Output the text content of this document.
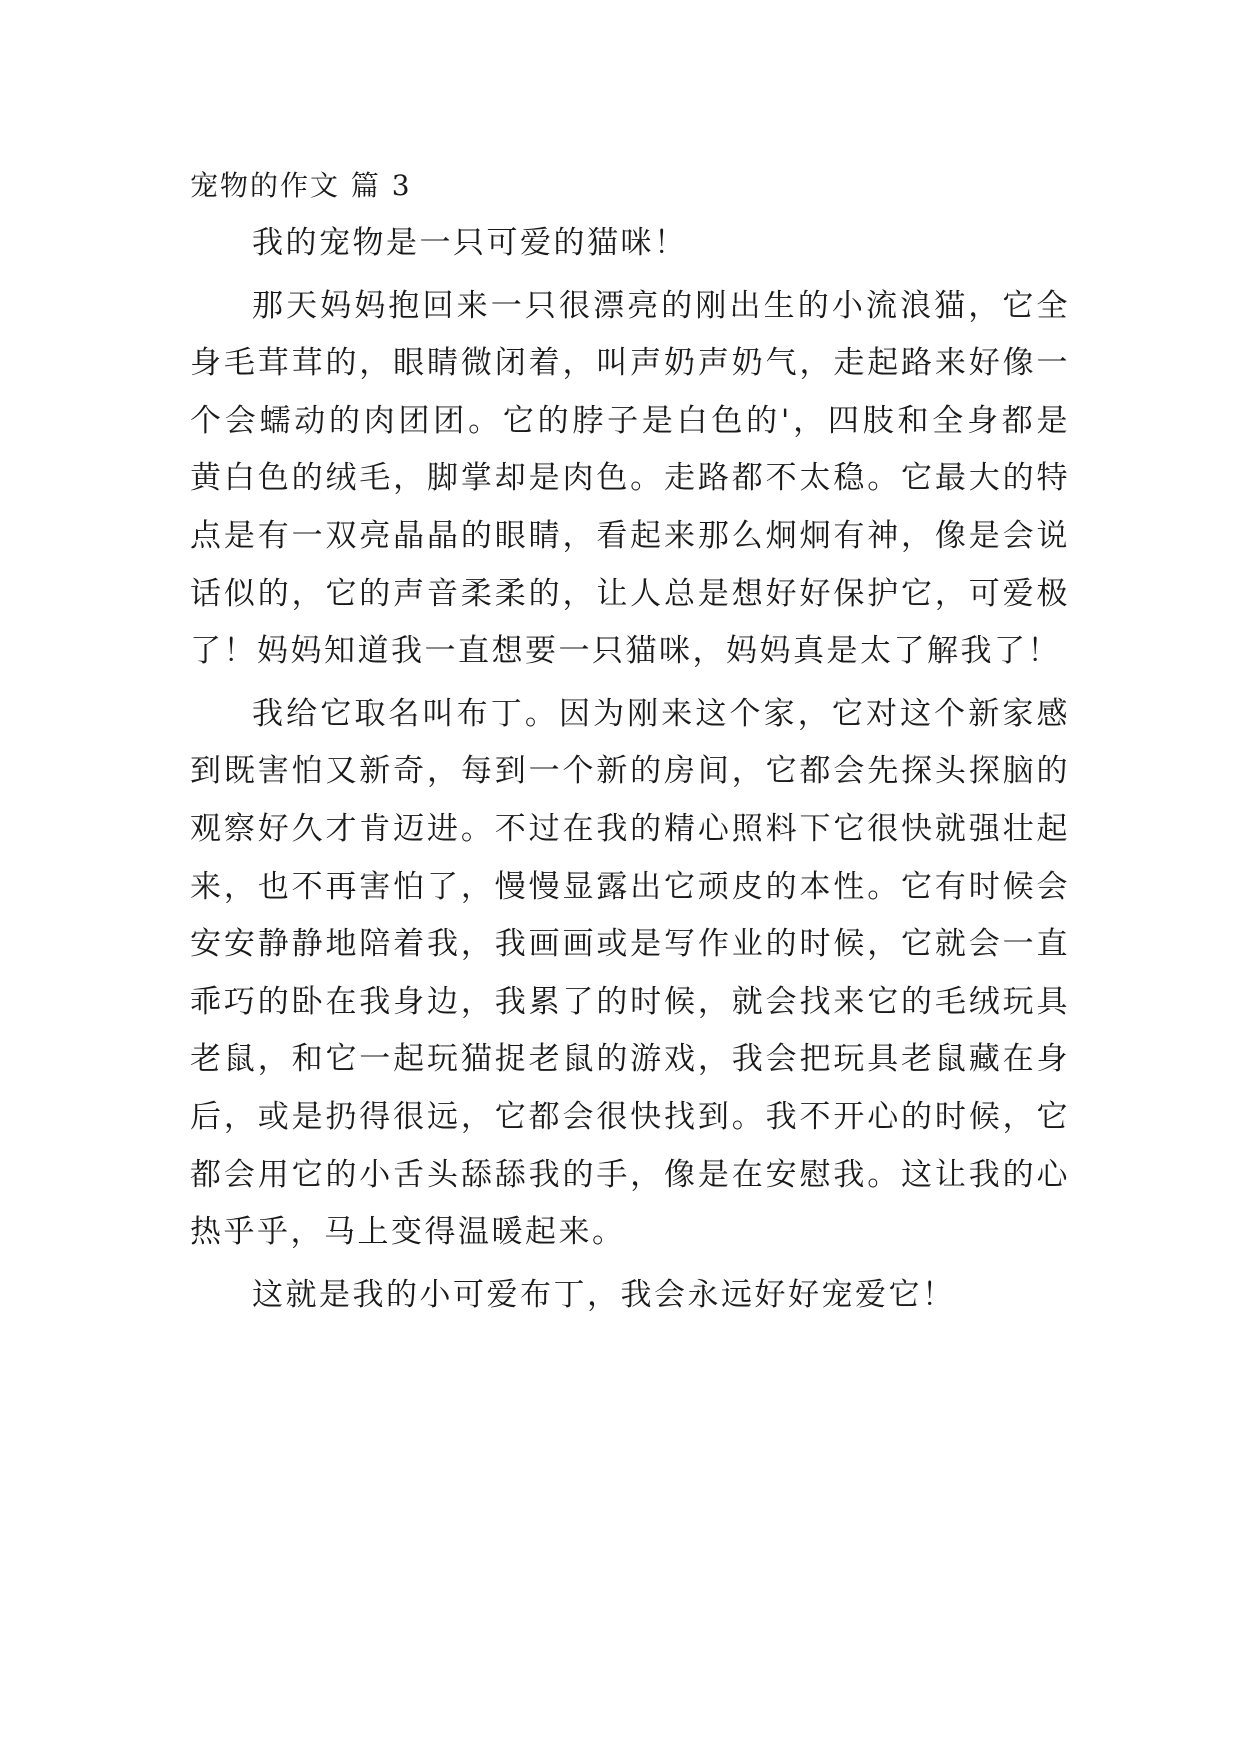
宠物的作文 篇 3

我的宠物是一只可爱的猫咪！

那天妈妈抱回来一只很漂亮的刚出生的小流浪猫，它全身毛茸茸的，眼睛微闭着，叫声奶声奶气，走起路来好像一个会蠕动的肉团团。它的脖子是白色的'，四肢和全身都是黄白色的绒毛，脚掌却是肉色。走路都不太稳。它最大的特点是有一双亮晶晶的眼睛，看起来那么炯炯有神，像是会说话似的，它的声音柔柔的，让人总是想好好保护它，可爱极了！妈妈知道我一直想要一只猫咪，妈妈真是太了解我了！

我给它取名叫布丁。因为刚来这个家，它对这个新家感到既害怕又新奇，每到一个新的房间，它都会先探头探脑的观察好久才肯迈进。不过在我的精心照料下它很快就强壮起来，也不再害怕了，慢慢显露出它顽皮的本性。它有时候会安安静静地陪着我，我画画或是写作业的时候，它就会一直乖巧的卧在我身边，我累了的时候，就会找来它的毛绒玩具老鼠，和它一起玩猫捉老鼠的游戏，我会把玩具老鼠藏在身后，或是扔得很远，它都会很快找到。我不开心的时候，它都会用它的小舌头舔舔我的手，像是在安慰我。这让我的心热乎乎，马上变得温暖起来。

这就是我的小可爱布丁，我会永远好好宠爱它！
